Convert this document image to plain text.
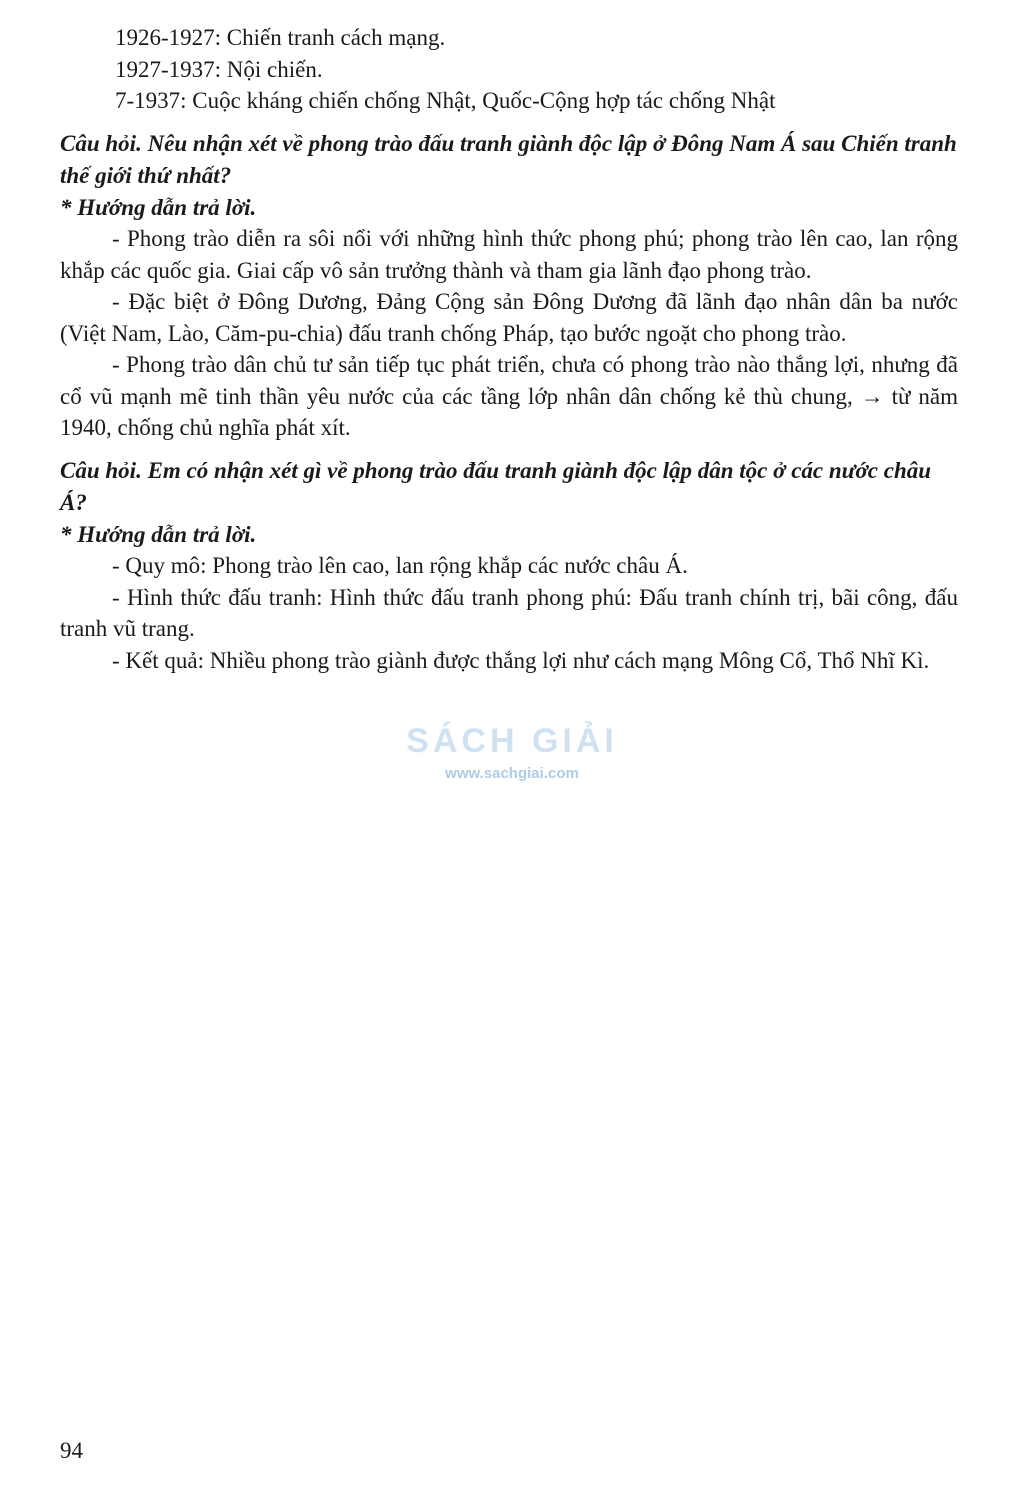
1926-1927: Chiến tranh cách mạng.
1927-1937: Nội chiến.
7-1937: Cuộc kháng chiến chống Nhật, Quốc-Cộng hợp tác chống Nhật
Câu hỏi. Nêu nhận xét về phong trào đấu tranh giành độc lập ở Đông Nam Á sau Chiến tranh thế giới thứ nhất?
* Hướng dẫn trả lời.
- Phong trào diễn ra sôi nổi với những hình thức phong phú; phong trào lên cao, lan rộng khắp các quốc gia. Giai cấp vô sản trưởng thành và tham gia lãnh đạo phong trào.
- Đặc biệt ở Đông Dương, Đảng Cộng sản Đông Dương đã lãnh đạo nhân dân ba nước (Việt Nam, Lào, Căm-pu-chia) đấu tranh chống Pháp, tạo bước ngoặt cho phong trào.
- Phong trào dân chủ tư sản tiếp tục phát triển, chưa có phong trào nào thắng lợi, nhưng đã cổ vũ mạnh mẽ tinh thần yêu nước của các tầng lớp nhân dân chống kẻ thù chung, → từ năm 1940, chống chủ nghĩa phát xít.
Câu hỏi. Em có nhận xét gì về phong trào đấu tranh giành độc lập dân tộc ở các nước châu Á?
* Hướng dẫn trả lời.
- Quy mô: Phong trào lên cao, lan rộng khắp các nước châu Á.
- Hình thức đấu tranh: Hình thức đấu tranh phong phú: Đấu tranh chính trị, bãi công, đấu tranh vũ trang.
- Kết quả: Nhiều phong trào giành được thắng lợi như cách mạng Mông Cổ, Thổ Nhĩ Kì.
SÁCH GIẢI
www.sachgiai.com
94
